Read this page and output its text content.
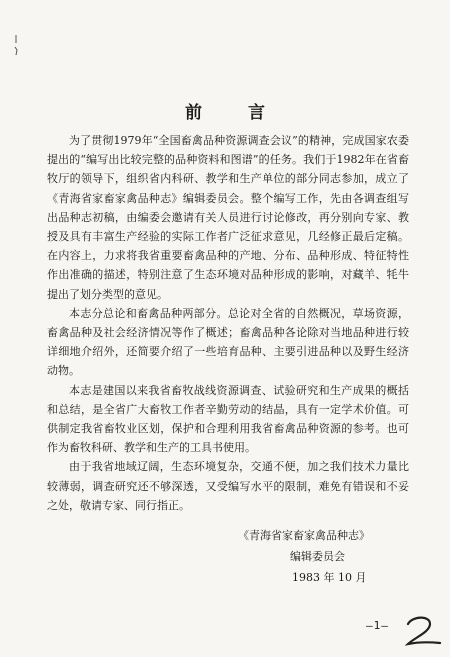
前 言

为了贯彻1979年“全国畜禽品种资源调查会议”的精神，完成国家农委提出的“编写出比较完整的品种资料和图谱”的任务。我们于1982年在省畜牧厅的领导下，组织省内科研、教学和生产单位的部分同志参加，成立了《青海省家畜家禽品种志》编辑委员会。整个编写工作，先由各调查组写出品种志初稿，由编委会邀请有关人员进行讨论修改，再分别向专家、教授及具有丰富生产经验的实际工作者广泛征求意见，几经修正最后定稿。在内容上，力求将我省重要畜禽品种的产地、分布、品种形成、特征特性作出准确的描述，特别注意了生态环境对品种形成的影响，对藏羊、牦牛提出了划分类型的意见。

本志分总论和畜禽品种两部分。总论对全省的自然概况，草场资源，畜禽品种及社会经济情况等作了概述；畜禽品种各论除对当地品种进行较详细地介绍外，还简要介绍了一些培育品种、主要引进品种以及野生经济动物。

本志是建国以来我省畜牧战线资源调查、试验研究和生产成果的概括和总结，是全省广大畜牧工作者辛勤劳动的结晶，具有一定学术价值。可供制定我省畜牧业区划，保护和合理利用我省畜禽品种资源的参考。也可作为畜牧科研、教学和生产的工具书使用。

由于我省地域辽阔，生态环境复杂，交通不便，加之我们技术力量比较薄弱，调查研究还不够深透，又受编写水平的限制，难免有错误和不妥之处，敬请专家、同行指正。

《青海省家畜家禽品种志》
编辑委员会
1983 年 10 月
—1—
